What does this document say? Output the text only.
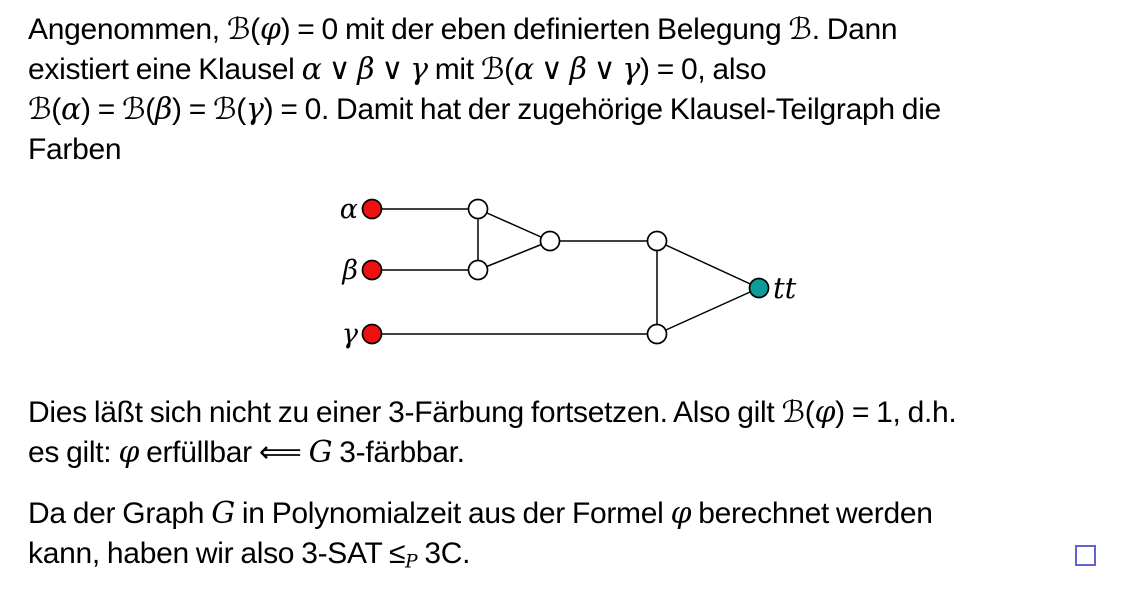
Angenommen, ℬ(φ) = 0 mit der eben definierten Belegung ℬ. Dann
existiert eine Klausel α ∨ β ∨ γ mit ℬ(α ∨ β ∨ γ) = 0, also
ℬ(α) = ℬ(β) = ℬ(γ) = 0. Damit hat der zugehörige Klausel-Teilgraph die
Farben
α
β
γ
tt
Dies läßt sich nicht zu einer 3-Färbung fortsetzen. Also gilt ℬ(φ) = 1, d.h.
es gilt: φ erfüllbar ⟸ G 3-färbbar.
Da der Graph G in Polynomialzeit aus der Formel φ berechnet werden
kann, haben wir also $3-SAT \le_P$ 3C.
